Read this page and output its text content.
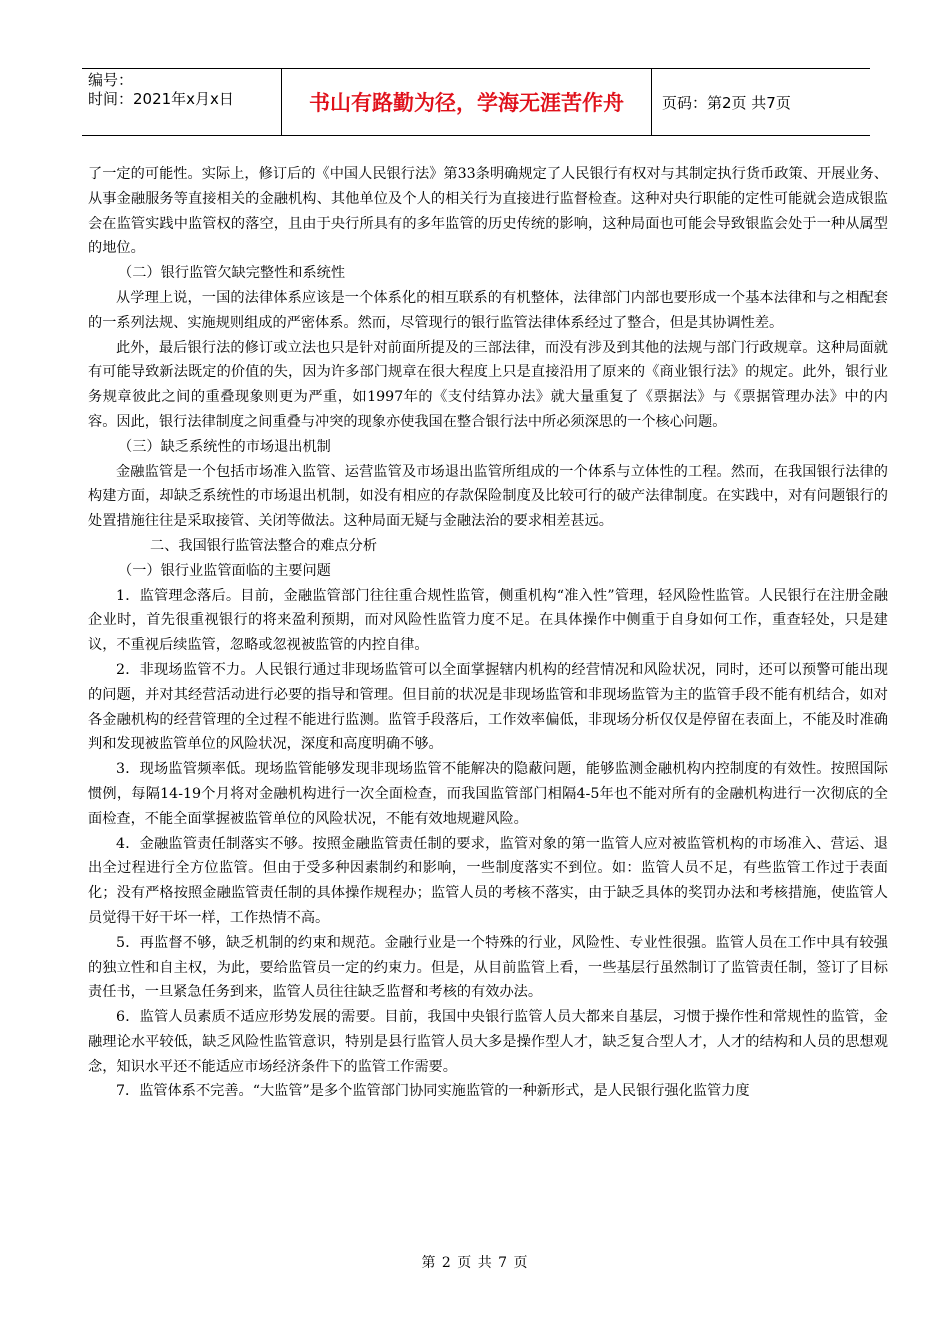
编号：
时间：2021年x月x日	书山有路勤为径，学海无涯苦作舟	页码：第2页 共7页

了一定的可能性。实际上，修订后的《中国人民银行法》第33条明确规定了人民银行有权对与其制定执行货币政策、开展业务、从事金融服务等直接相关的金融机构、其他单位及个人的相关行为直接进行监督检查。这种对央行职能的定性可能就会造成银监会在监管实践中监管权的落空，且由于央行所具有的多年监管的历史传统的影响，这种局面也可能会导致银监会处于一种从属型的地位。

（二）银行监管欠缺完整性和系统性

从学理上说，一国的法律体系应该是一个体系化的相互联系的有机整体，法律部门内部也要形成一个基本法律和与之相配套的一系列法规、实施规则组成的严密体系。然而，尽管现行的银行监管法律体系经过了整合，但是其协调性差。

此外，最后银行法的修订或立法也只是针对前面所提及的三部法律，而没有涉及到其他的法规与部门行政规章。这种局面就有可能导致新法既定的价值的失，因为许多部门规章在很大程度上只是直接沿用了原来的《商业银行法》的规定。此外，银行业务规章彼此之间的重叠现象则更为严重，如1997年的《支付结算办法》就大量重复了《票据法》与《票据管理办法》中的内容。因此，银行法律制度之间重叠与冲突的现象亦使我国在整合银行法中所必须深思的一个核心问题。

（三）缺乏系统性的市场退出机制

金融监管是一个包括市场准入监管、运营监管及市场退出监管所组成的一个体系与立体性的工程。然而，在我国银行法律的构建方面，却缺乏系统性的市场退出机制，如没有相应的存款保险制度及比较可行的破产法律制度。在实践中，对有问题银行的处置措施往往是采取接管、关闭等做法。这种局面无疑与金融法治的要求相差甚远。

二、我国银行监管法整合的难点分析

（一）银行业监管面临的主要问题

1．监管理念落后。目前，金融监管部门往往重合规性监管，侧重机构“准入性”管理，轻风险性监管。人民银行在注册金融企业时，首先很重视银行的将来盈利预期，而对风险性监管力度不足。在具体操作中侧重于自身如何工作，重查轻处，只是建议，不重视后续监管，忽略或忽视被监管的内控自律。

2．非现场监管不力。人民银行通过非现场监管可以全面掌握辖内机构的经营情况和风险状况，同时，还可以预警可能出现的问题，并对其经营活动进行必要的指导和管理。但目前的状况是非现场监管和非现场监管为主的监管手段不能有机结合，如对各金融机构的经营管理的全过程不能进行监测。监管手段落后，工作效率偏低，非现场分析仅仅是停留在表面上，不能及时准确判和发现被监管单位的风险状况，深度和高度明确不够。

3．现场监管频率低。现场监管能够发现非现场监管不能解决的隐蔽问题，能够监测金融机构内控制度的有效性。按照国际惯例，每隔14-19个月将对金融机构进行一次全面检查，而我国监管部门相隔4-5年也不能对所有的金融机构进行一次彻底的全面检查，不能全面掌握被监管单位的风险状况，不能有效地规避风险。

4．金融监管责任制落实不够。按照金融监管责任制的要求，监管对象的第一监管人应对被监管机构的市场准入、营运、退出全过程进行全方位监管。但由于受多种因素制约和影响，一些制度落实不到位。如：监管人员不足，有些监管工作过于表面化；没有严格按照金融监管责任制的具体操作规程办；监管人员的考核不落实，由于缺乏具体的奖罚办法和考核措施，使监管人员觉得干好干坏一样，工作热情不高。

5．再监督不够，缺乏机制的约束和规范。金融行业是一个特殊的行业，风险性、专业性很强。监管人员在工作中具有较强的独立性和自主权，为此，要给监管员一定的约束力。但是，从目前监管上看，一些基层行虽然制订了监管责任制，签订了目标责任书，一旦紧急任务到来，监管人员往往缺乏监督和考核的有效办法。

6．监管人员素质不适应形势发展的需要。目前，我国中央银行监管人员大都来自基层，习惯于操作性和常规性的监管，金融理论水平较低，缺乏风险性监管意识，特别是县行监管人员大多是操作型人才，缺乏复合型人才，人才的结构和人员的思想观念，知识水平还不能适应市场经济条件下的监管工作需要。

7．监管体系不完善。“大监管”是多个监管部门协同实施监管的一种新形式，是人民银行强化监管力度

第 2 页 共 7 页
